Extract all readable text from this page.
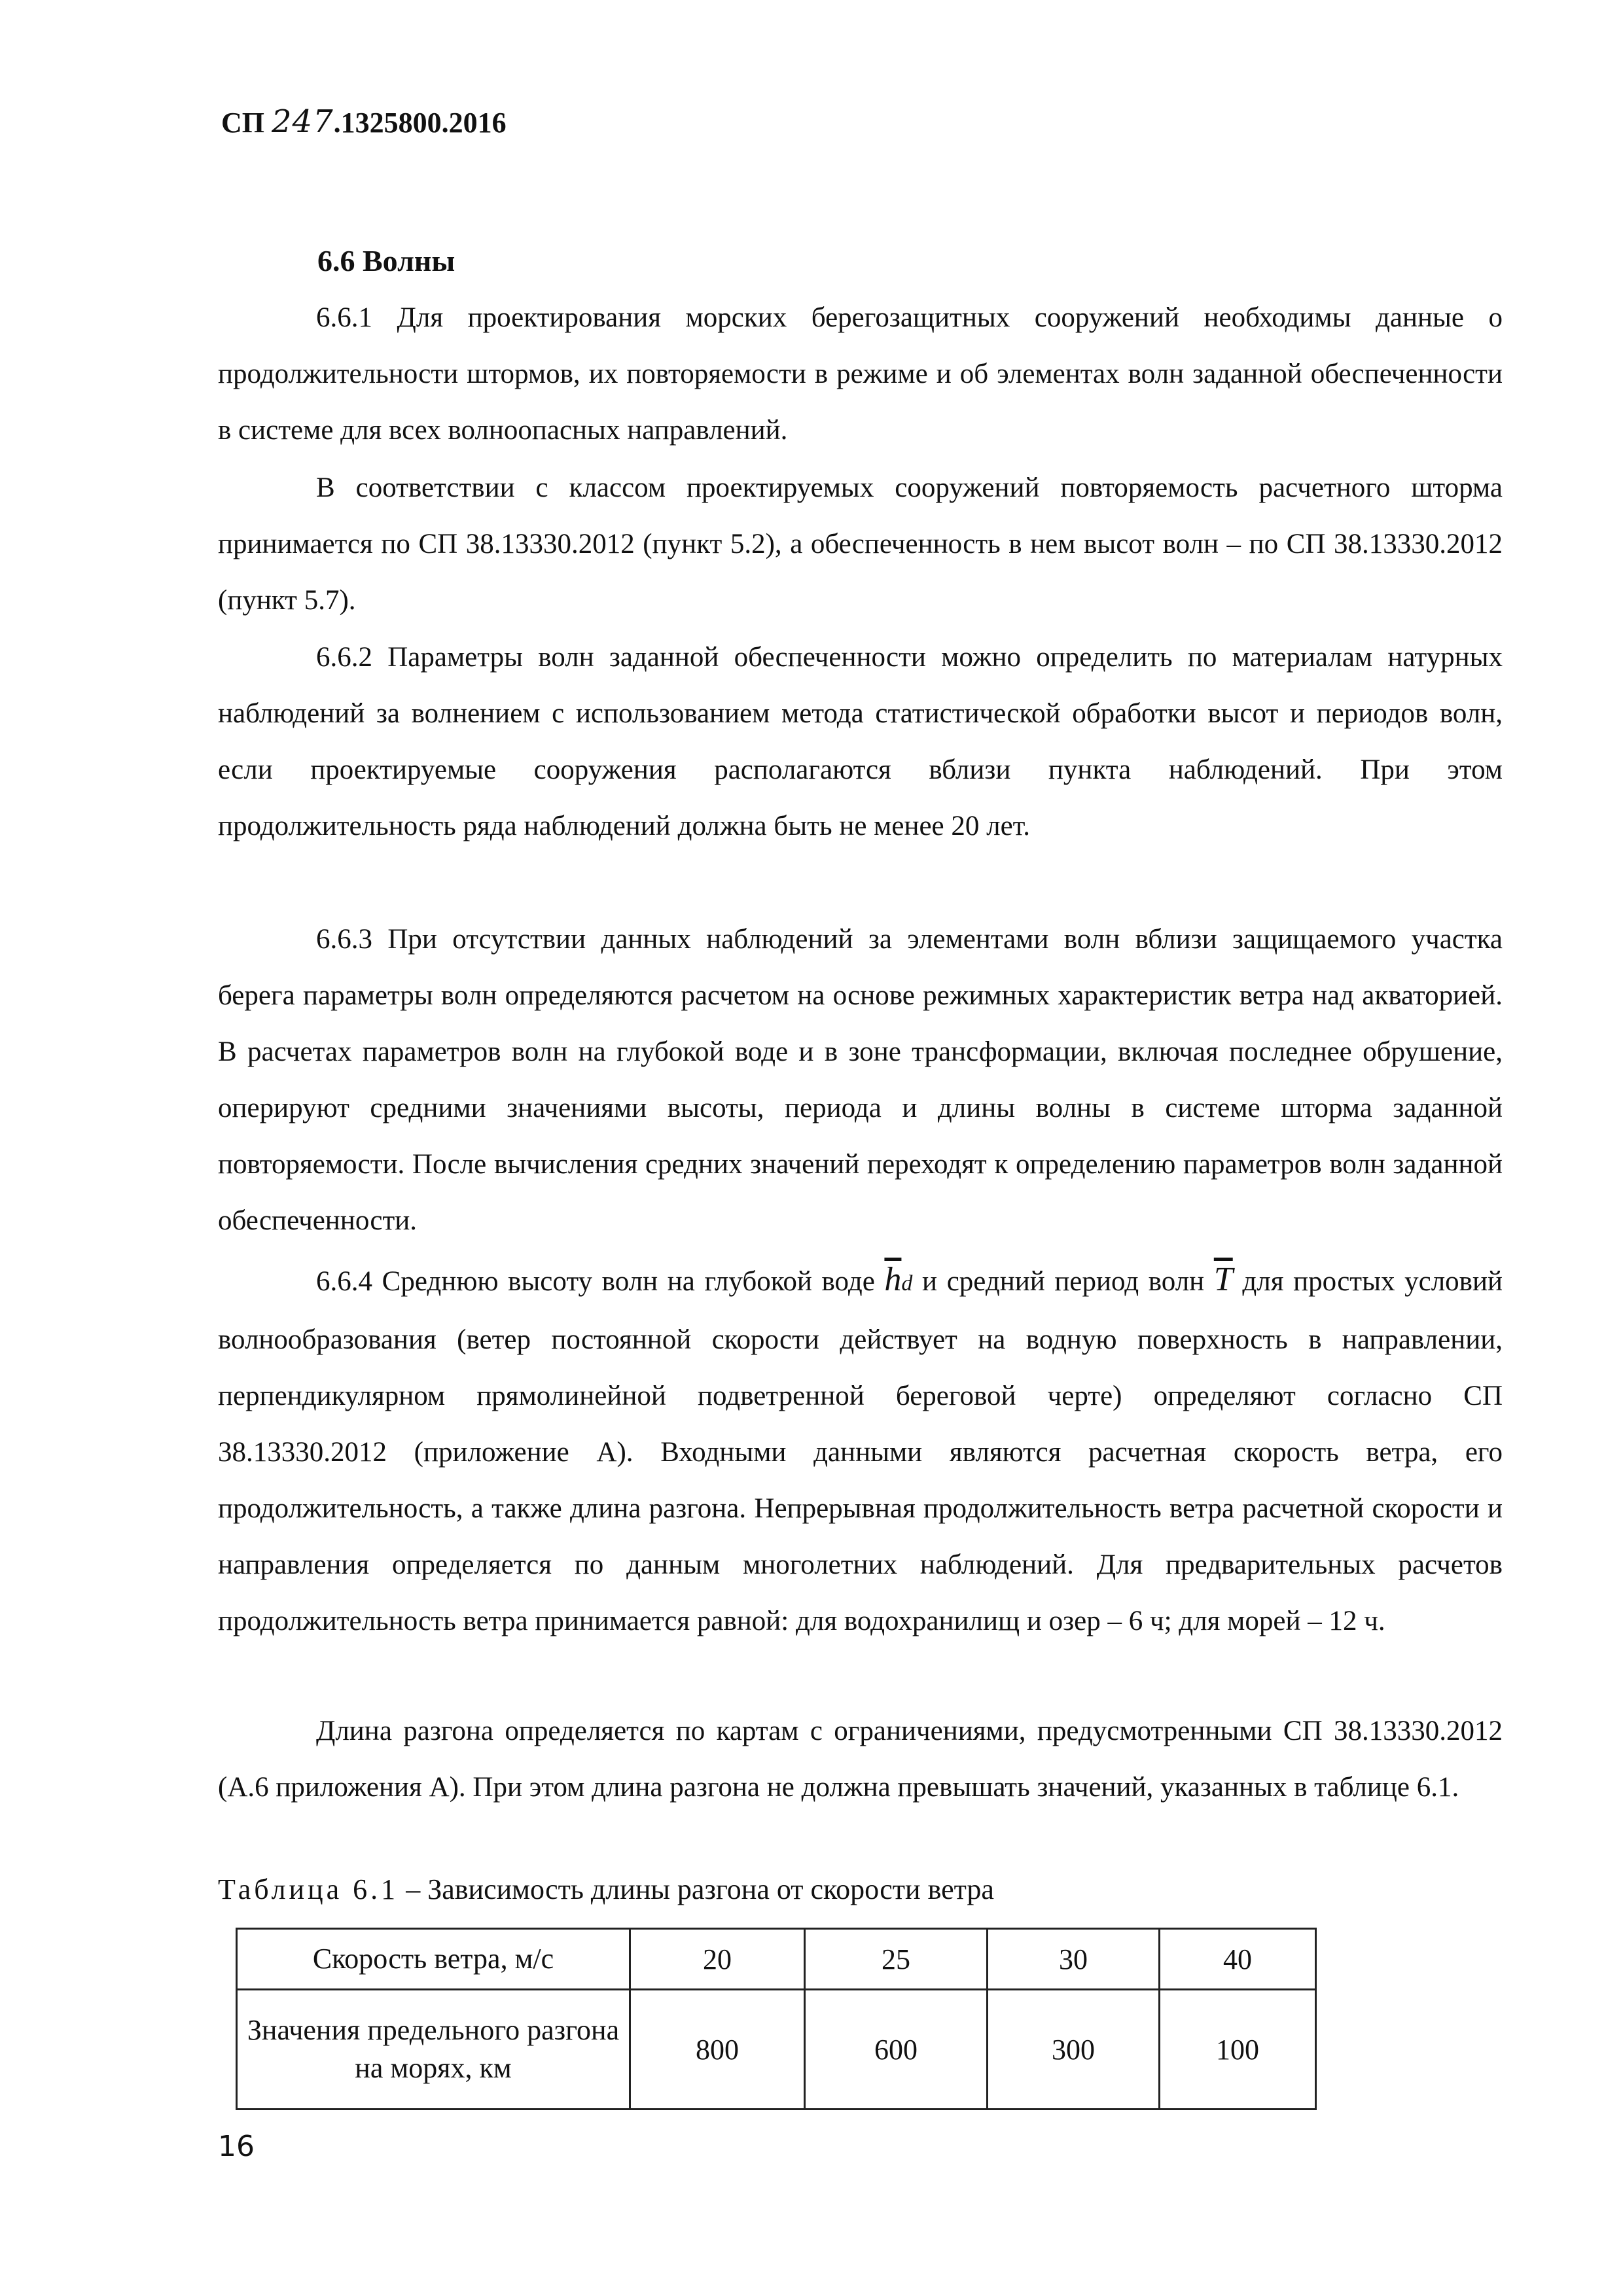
СП 247.1325800.2016
6.6 Волны

6.6.1 Для проектирования морских берегозащитных сооружений необходимы данные о продолжительности штормов, их повторяемости в режиме и об элементах волн заданной обеспеченности в системе для всех волноопасных направлений.

В соответствии с классом проектируемых сооружений повторяемость расчетного шторма принимается по СП 38.13330.2012 (пункт 5.2), а обеспеченность в нем высот волн – по СП 38.13330.2012 (пункт 5.7).

6.6.2 Параметры волн заданной обеспеченности можно определить по материалам натурных наблюдений за волнением с использованием метода статистической обработки высот и периодов волн, если проектируемые сооружения располагаются вблизи пункта наблюдений. При этом продолжительность ряда наблюдений должна быть не менее 20 лет.

6.6.3 При отсутствии данных наблюдений за элементами волн вблизи защищаемого участка берега параметры волн определяются расчетом на основе режимных характеристик ветра над акваторией. В расчетах параметров волн на глубокой воде и в зоне трансформации, включая последнее обрушение, оперируют средними значениями высоты, периода и длины волны в системе шторма заданной повторяемости. После вычисления средних значений переходят к определению параметров волн заданной обеспеченности.

6.6.4 Среднюю высоту волн на глубокой воде $\overline{h}d$ и средний период волн $\overline{T}$ для простых условий волнообразования (ветер постоянной скорости действует на водную поверхность в направлении, перпендикулярном прямолинейной подветренной береговой черте) определяют согласно СП 38.13330.2012 (приложение А). Входными данными являются расчетная скорость ветра, его продолжительность, а также длина разгона. Непрерывная продолжительность ветра расчетной скорости и направления определяется по данным многолетних наблюдений. Для предварительных расчетов продолжительность ветра принимается равной: для водохранилищ и озер – 6 ч; для морей – 12 ч.

Длина разгона определяется по картам с ограничениями, предусмотренными СП 38.13330.2012 (А.6 приложения А). При этом длина разгона не должна превышать значений, указанных в таблице 6.1.

Таблица 6.1 – Зависимость длины разгона от скорости ветра
Скорость ветра, м/с	20	25	30	40
Значения предельного разгона на морях, км	800	600	300	100
16
